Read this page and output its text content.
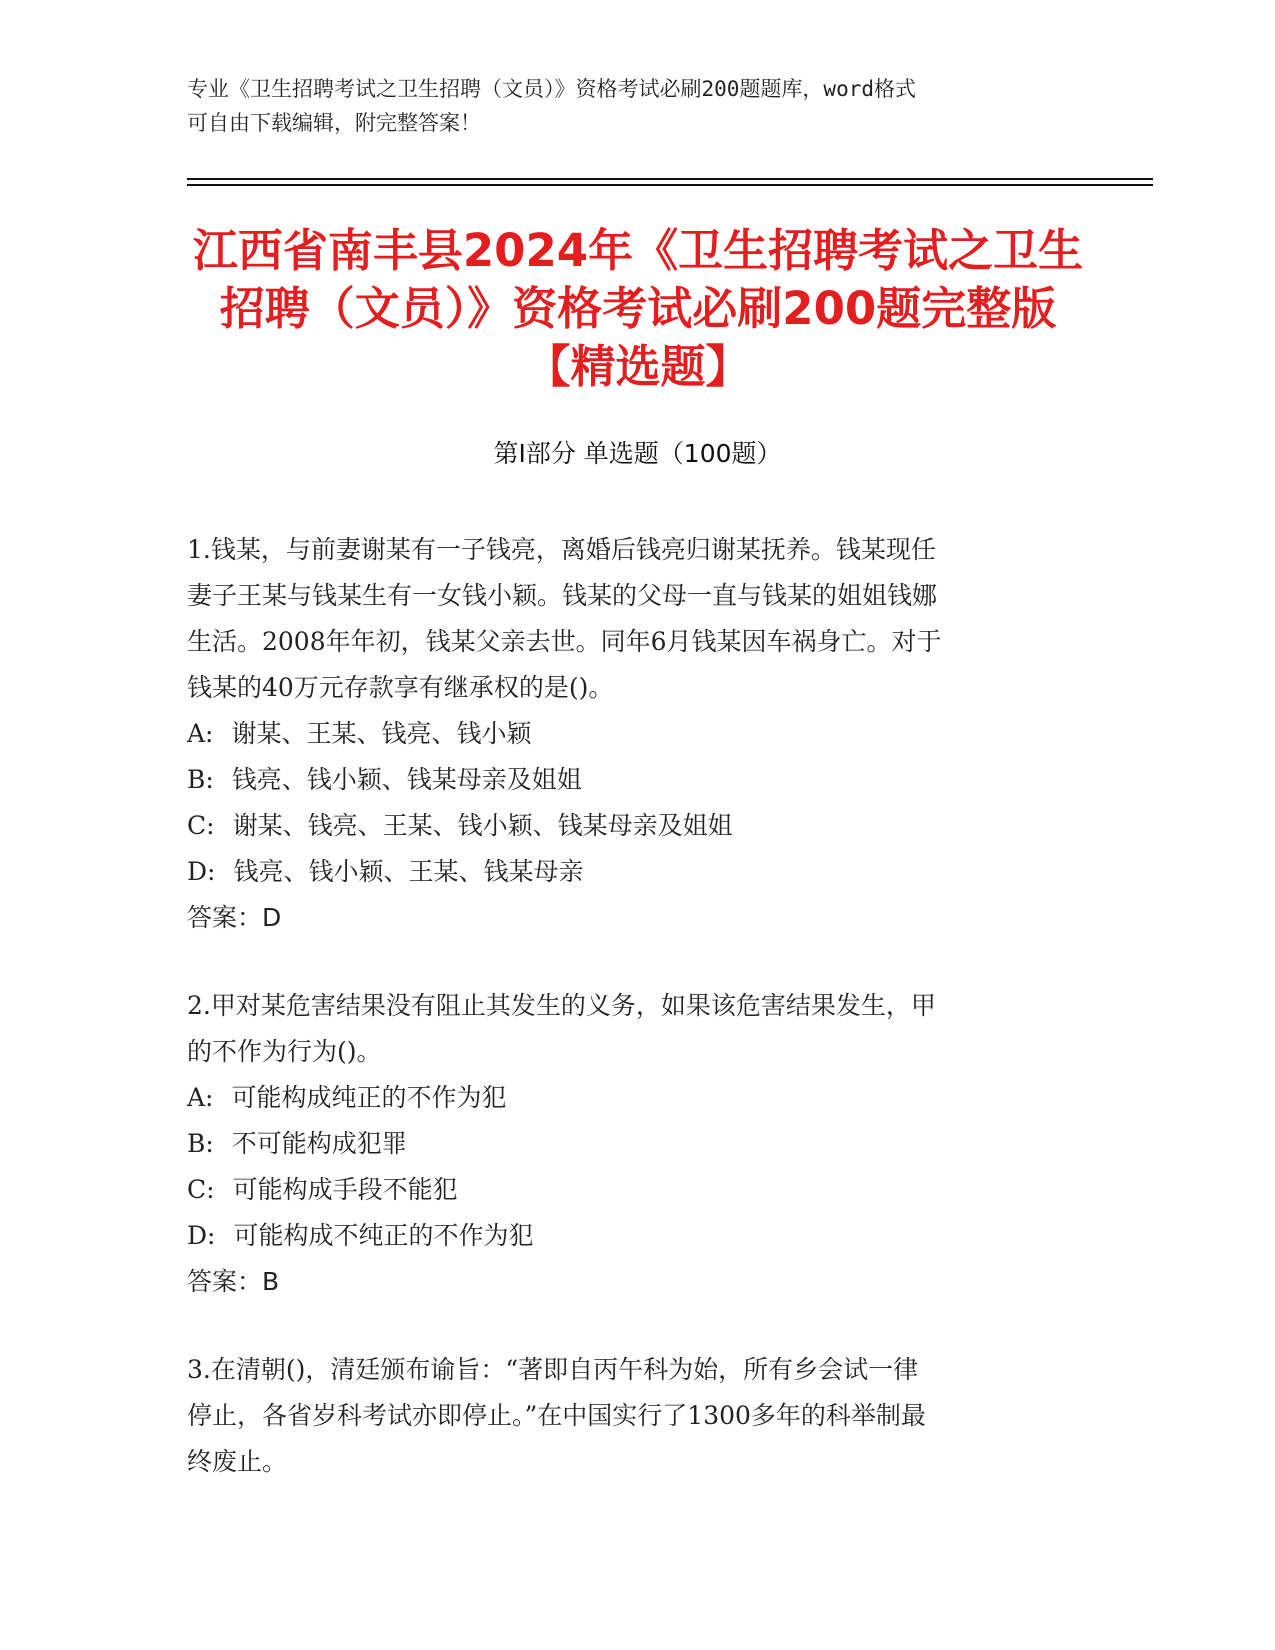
专业《卫生招聘考试之卫生招聘（文员）》资格考试必刷200题题库，word格式
可自由下载编辑，附完整答案！
江西省南丰县2024年《卫生招聘考试之卫生
招聘（文员）》资格考试必刷200题完整版
【精选题】
第Ⅰ部分 单选题（100题）
1.钱某，与前妻谢某有一子钱亮，离婚后钱亮归谢某抚养。钱某现任
妻子王某与钱某生有一女钱小颖。钱某的父母一直与钱某的姐姐钱娜
生活。2008年年初，钱某父亲去世。同年6月钱某因车祸身亡。对于
钱某的40万元存款享有继承权的是()。
A: 谢某、王某、钱亮、钱小颖
B: 钱亮、钱小颖、钱某母亲及姐姐
C: 谢某、钱亮、王某、钱小颖、钱某母亲及姐姐
D: 钱亮、钱小颖、王某、钱某母亲
答案：D
2.甲对某危害结果没有阻止其发生的义务，如果该危害结果发生，甲
的不作为行为()。
A: 可能构成纯正的不作为犯
B: 不可能构成犯罪
C: 可能构成手段不能犯
D: 可能构成不纯正的不作为犯
答案：B
3.在清朝()，清廷颁布谕旨：“著即自丙午科为始，所有乡会试一律
停止，各省岁科考试亦即停止。”在中国实行了1300多年的科举制最
终废止。
